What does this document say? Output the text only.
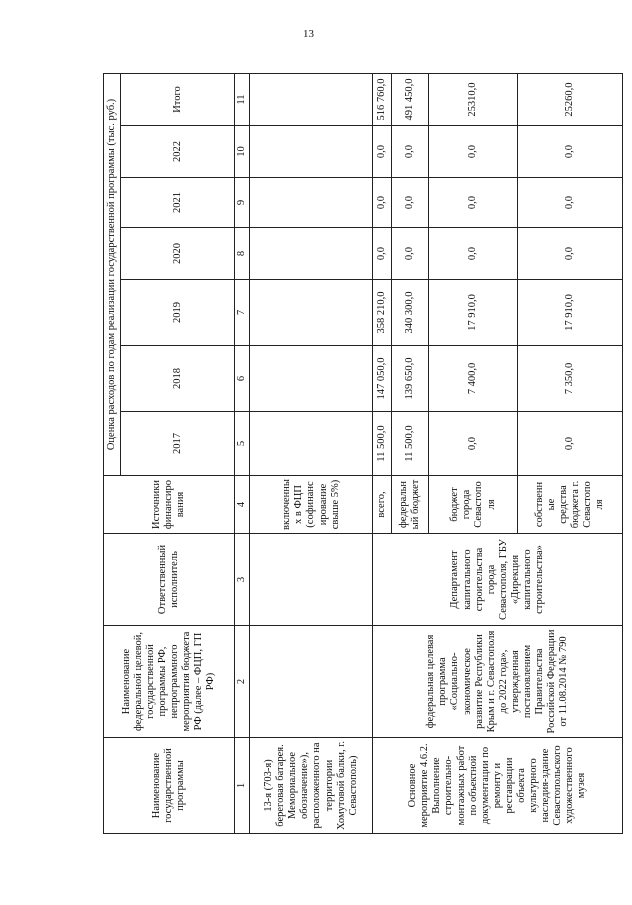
13
Наименование государственной программы	Наименование федеральной целевой, государственной программы РФ, непрограммного мероприятия бюджета РФ (далее – ФЦП, ГП РФ)	Ответственный исполнитель	Источники финансирования	Оценка расходов по годам реализации государственной программы (тыс. руб.)						
				2017	2018	2019	2020	2021	2022	Итого
1	2	3	4	5	6	7	8	9	10	11
13-я (703-я) береговая батарея. Мемориальное обозначение»), расположенного на территории Хомутовой балки, г. Севастополь)			включенных в ФЦП (софинансирование свыше 5%)							
Основное мероприятие 4.6.2. Выполнение строительно-монтажных работ по объектной документации по ремонту и реставрации объекта культурного наследия-здание Севастопольского художественного музея	федеральная целевая программа «Социально-экономическое развитие Республики Крым и г. Севастополя до 2022 года», утвержденная постановлением Правительства Российской Федерации от 11.08.2014 № 790	Департамент капитального строительства города Севастополя, ГБУ «Дирекция капитального строительства»	всего,	11 500,0	147 050,0	358 210,0	0,0	0,0	0,0	516 760,0
			федеральный бюджет	11 500,0	139 650,0	340 300,0	0,0	0,0	0,0	491 450,0
			бюджет города Севастополя	0,0	7 400,0	17 910,0	0,0	0,0	0,0	25310,0
			собственные средства бюджета г. Севастополя	0,0	7 350,0	17 910,0	0,0	0,0	0,0	25260,0
